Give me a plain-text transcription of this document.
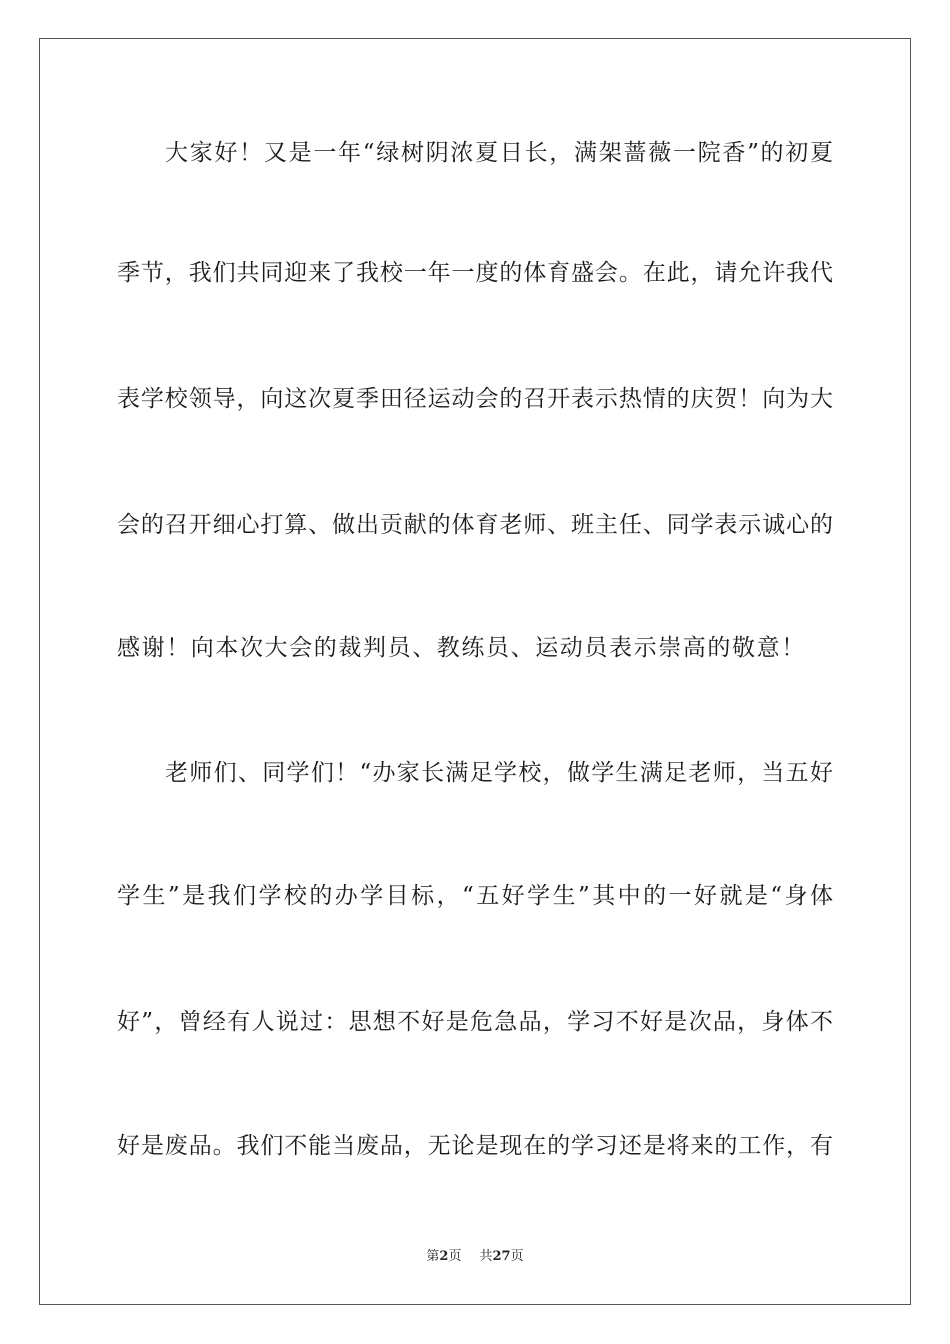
大家好！又是一年“绿树阴浓夏日长，满架蔷薇一院香”的初夏
季节，我们共同迎来了我校一年一度的体育盛会。在此，请允许我代
表学校领导，向这次夏季田径运动会的召开表示热情的庆贺！向为大
会的召开细心打算、做出贡献的体育老师、班主任、同学表示诚心的
感谢！向本次大会的裁判员、教练员、运动员表示崇高的敬意！
老师们、同学们！“办家长满足学校，做学生满足老师，当五好
学生”是我们学校的办学目标，“五好学生”其中的一好就是“身体
好”，曾经有人说过：思想不好是危急品，学习不好是次品，身体不
好是废品。我们不能当废品，无论是现在的学习还是将来的工作，有
第2页 共27页
